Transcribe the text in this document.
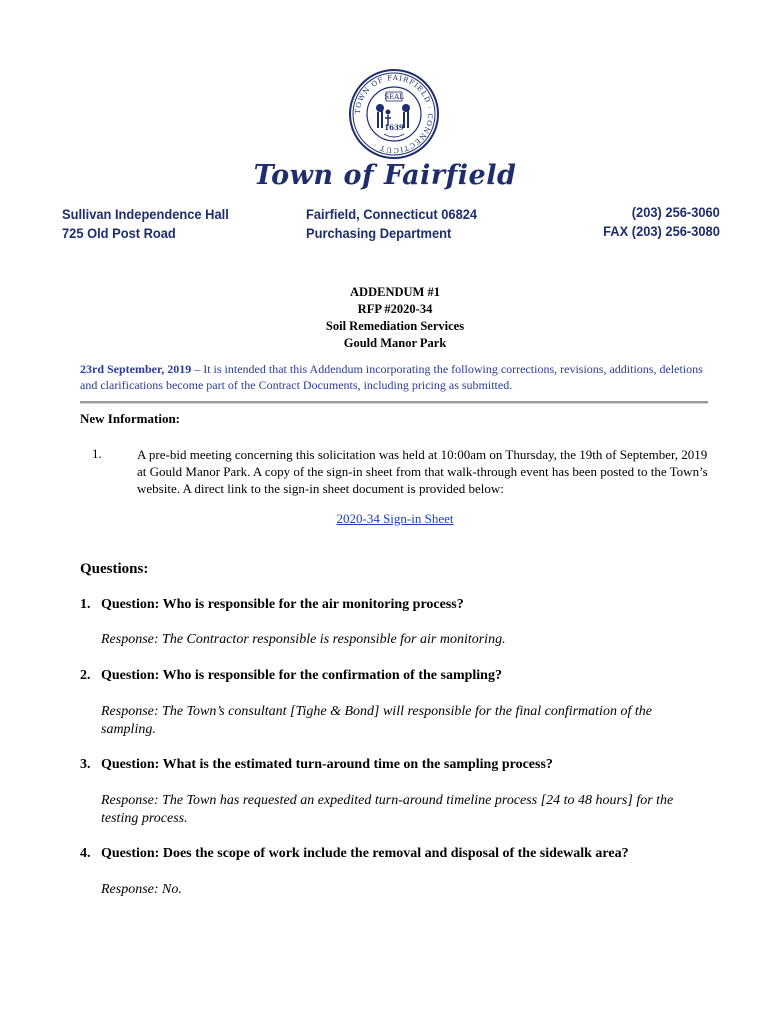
TOWN OF FAIRFIELD · CONNECTICUT ·
SEAL
1639
Town of Fairfield
Sullivan Independence Hall
725 Old Post Road
Fairfield, Connecticut 06824
Purchasing Department
(203) 256-3060
FAX (203) 256-3080
ADDENDUM #1
RFP #2020-34
Soil Remediation Services
Gould Manor Park
23rd September, 2019 – It is intended that this Addendum incorporating the following corrections, revisions, additions, deletions and clarifications become part of the Contract Documents, including pricing as submitted.
New Information:
1.	A pre-bid meeting concerning this solicitation was held at 10:00am on Thursday, the 19th of September, 2019 at Gould Manor Park. A copy of the sign-in sheet from that walk-through event has been posted to the Town’s website. A direct link to the sign-in sheet document is provided below:
2020-34 Sign-in Sheet
Questions:
1. Question: Who is responsible for the air monitoring process?
Response: The Contractor responsible is responsible for air monitoring.
2. Question: Who is responsible for the confirmation of the sampling?
Response: The Town’s consultant [Tighe & Bond] will responsible for the final confirmation of the sampling.
3. Question: What is the estimated turn-around time on the sampling process?
Response: The Town has requested an expedited turn-around timeline process [24 to 48 hours] for the testing process.
4. Question: Does the scope of work include the removal and disposal of the sidewalk area?
Response: No.
